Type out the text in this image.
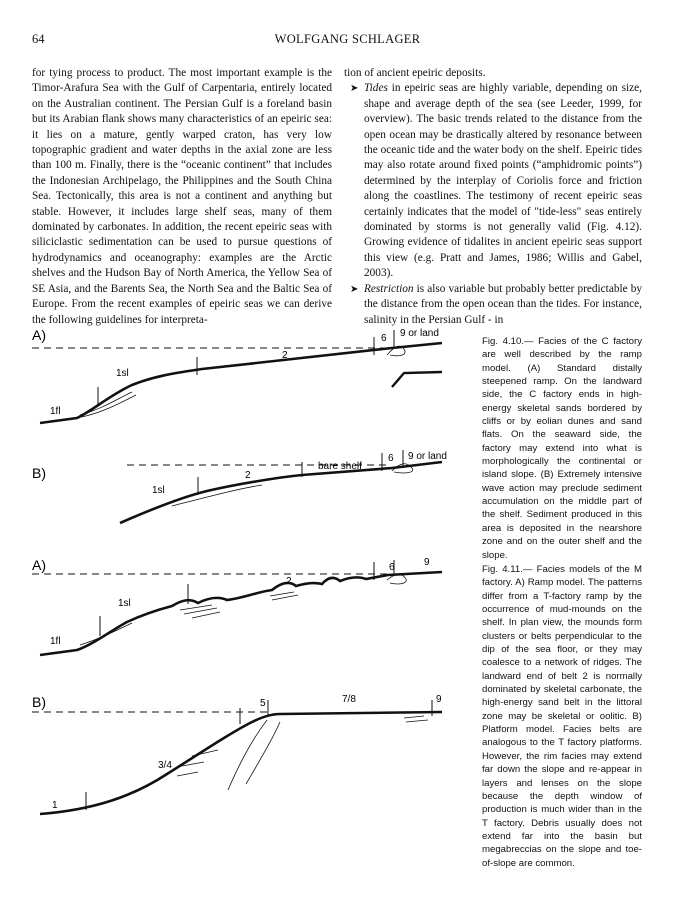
64	WOLFGANG SCHLAGER

for tying process to product. The most important example is the Timor-Arafura Sea with the Gulf of Carpentaria, entirely located on the Australian continent. The Persian Gulf is a foreland basin but its Arabian flank shows many characteristics of an epeiric sea: it lies on a mature, gently warped craton, has very low topographic gradient and water depths in the axial zone are less than 100 m. Finally, there is the “oceanic continent” that includes the Indonesian Archipelago, the Philippines and the South China Sea. Tectonically, this area is not a continent and anything but stable. However, it includes large shelf seas, many of them dominated by carbonates. In addition, the recent epeiric seas with siliciclastic sedimentation can be used to pursue questions of hydrodynamics and oceanography: examples are the Arctic shelves and the Hudson Bay of North America, the Yellow Sea of SE Asia, and the Barents Sea, the North Sea and the Baltic Sea of Europe. From the recent examples of epeiric seas we can derive the following guidelines for interpreta-

tion of ancient epeiric deposits.

➤ Tides in epeiric seas are highly variable, depending on size, shape and average depth of the sea (see Leeder, 1999, for overview). The basic trends related to the distance from the open ocean may be drastically altered by resonance between the oceanic tide and the water body on the shelf. Epeiric tides may also rotate around fixed points (“amphidromic points”) determined by the interplay of Coriolis force and friction along the coastlines. The testimony of recent epeiric seas certainly indicates that the model of "tide-less" seas entirely dominated by storms is not generally valid (Fig. 4.12). Growing evidence of tidalites in ancient epeiric seas support this view (e.g. Pratt and James, 1986; Willis and Gabel, 2003).

➤ Restriction is also variable but probably better predictable by the distance from the open ocean than the tides. For instance, salinity in the Persian Gulf - in

A)
1fl
1sl
2
6 9 or land
B)
1sl
2
bare shelf
6 9 or land
Fig. 4.10.— Facies of the C factory are well described by the ramp model. (A) Standard distally steepened ramp. On the landward side, the C factory ends in high-energy skeletal sands bordered by cliffs or by eolian dunes and sand flats. On the seaward side, the factory may extend into what is morphologically the continental or island slope. (B) Extremely intensive wave action may preclude sediment accumulation on the middle part of the shelf. Sediment produced in this area is deposited in the nearshore zone and on the outer shelf and the slope.
A)
1fl
1sl
2
6	9
B)
1
3/4
5	7/8	9
Fig. 4.11.— Facies models of the M factory. A) Ramp model. The patterns differ from a T-factory ramp by the occurrence of mud-mounds on the shelf. In plan view, the mounds form clusters or belts perpendicular to the dip of the sea floor, or they may coalesce to a network of ridges. The landward end of belt 2 is normally dominated by skeletal carbonate, the high-energy sand belt in the littoral zone may be skeletal or oolitic. B) Platform model. Facies belts are analogous to the T factory platforms. However, the rim facies may extend far down the slope and re-appear in layers and lenses on the slope because the depth window of production is much wider than in the T factory. Debris usually does not extend far into the basin but megabreccias on the slope and toe-of-slope are common.
